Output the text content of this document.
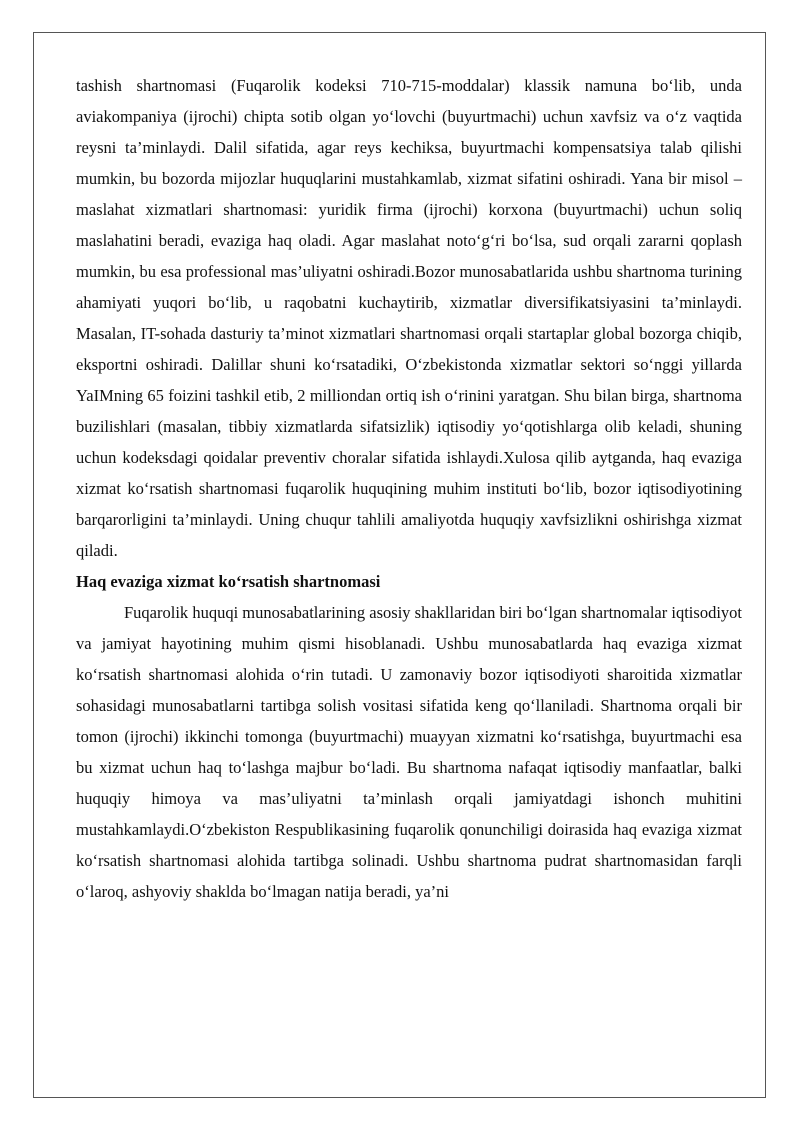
tashish shartnomasi (Fuqarolik kodeksi 710-715-moddalar) klassik namuna bo‘lib, unda aviakompaniya (ijrochi) chipta sotib olgan yo‘lovchi (buyurtmachi) uchun xavfsiz va o‘z vaqtida reysni ta’minlaydi. Dalil sifatida, agar reys kechiksa, buyurtmachi kompensatsiya talab qilishi mumkin, bu bozorda mijozlar huquqlarini mustahkamlab, xizmat sifatini oshiradi. Yana bir misol – maslahat xizmatlari shartnomasi: yuridik firma (ijrochi) korxona (buyurtmachi) uchun soliq maslahatini beradi, evaziga haq oladi. Agar maslahat noto‘g‘ri bo‘lsa, sud orqali zararni qoplash mumkin, bu esa professional mas’uliyatni oshiradi.Bozor munosabatlarida ushbu shartnoma turining ahamiyati yuqori bo‘lib, u raqobatni kuchaytirib, xizmatlar diversifikatsiyasini ta’minlaydi. Masalan, IT-sohada dasturiy ta’minot xizmatlari shartnomasi orqali startaplar global bozorga chiqib, eksportni oshiradi. Dalillar shuni ko‘rsatadiki, O‘zbekistonda xizmatlar sektori so‘nggi yillarda YaIMning 65 foizini tashkil etib, 2 milliondan ortiq ish o‘rinini yaratgan. Shu bilan birga, shartnoma buzilishlari (masalan, tibbiy xizmatlarda sifatsizlik) iqtisodiy yo‘qotishlarga olib keladi, shuning uchun kodeksdagi qoidalar preventiv choralar sifatida ishlaydi.Xulosa qilib aytganda, haq evaziga xizmat ko‘rsatish shartnomasi fuqarolik huquqining muhim instituti bo‘lib, bozor iqtisodiyotining barqarorligini ta’minlaydi. Uning chuqur tahlili amaliyotda huquqiy xavfsizlikni oshirishga xizmat qiladi.

Haq evaziga xizmat ko‘rsatish shartnomasi

Fuqarolik huquqi munosabatlarining asosiy shakllaridan biri bo‘lgan shartnomalar iqtisodiyot va jamiyat hayotining muhim qismi hisoblanadi. Ushbu munosabatlarda haq evaziga xizmat ko‘rsatish shartnomasi alohida o‘rin tutadi. U zamonaviy bozor iqtisodiyoti sharoitida xizmatlar sohasidagi munosabatlarni tartibga solish vositasi sifatida keng qo‘llaniladi. Shartnoma orqali bir tomon (ijrochi) ikkinchi tomonga (buyurtmachi) muayyan xizmatni ko‘rsatishga, buyurtmachi esa bu xizmat uchun haq to‘lashga majbur bo‘ladi. Bu shartnoma nafaqat iqtisodiy manfaatlar, balki huquqiy himoya va mas’uliyatni ta’minlash orqali jamiyatdagi ishonch muhitini mustahkamlaydi.O‘zbekiston Respublikasining fuqarolik qonunchiligi doirasida haq evaziga xizmat ko‘rsatish shartnomasi alohida tartibga solinadi. Ushbu shartnoma pudrat shartnomasidan farqli o‘laroq, ashyoviy shaklda bo‘lmagan natija beradi, ya’ni
